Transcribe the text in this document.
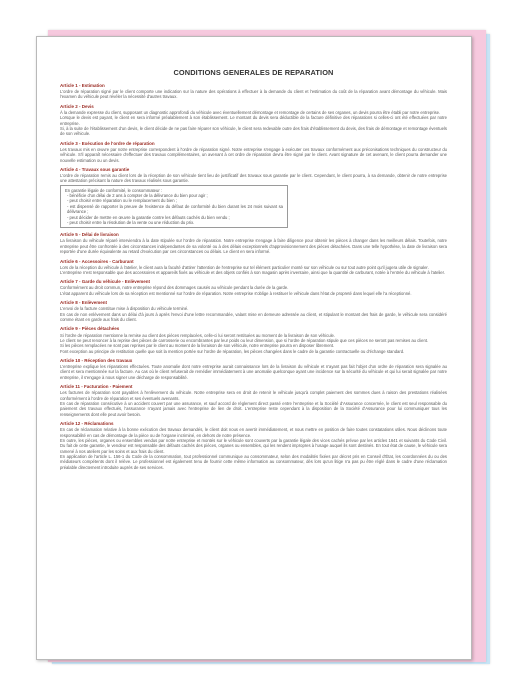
CONDITIONS GENERALES DE REPARATION
Article 1 - Estimation

L'ordre de réparation signé par le client comporte une indication sur la nature des opérations à effectuer à la demande du client et l'estimation du coût de la réparation avant démontage du véhicule. Mais l'examen du véhicule peut révéler la nécessité d'autres travaux.

Article 2 - Devis

À la demande expresse du client, supposant un diagnostic approfondi du véhicule avec éventuellement démontage et remontage de certains de ses organes, un devis pourra être établi par notre entreprise.

Lorsque le devis est payant, le client en sera informé préalablement à son établissement. Le montant du devis sera déductible de la facture définitive des réparations si celles-ci ont été effectuées par notre entreprise.

Si, à la suite de l'établissement d'un devis, le client décide de ne pas faire réparer son véhicule, le client sera redevable outre des frais d'établissement du devis, des frais de démontage et remontage éventuels de son véhicule.

Article 3 - Exécution de l'ordre de réparation

Les travaux mis en œuvre par notre entreprise correspondent à l'ordre de réparation signé. Notre entreprise s'engage à exécuter ces travaux conformément aux préconisations techniques du constructeur du véhicule. S'il apparaît nécessaire d'effectuer des travaux complémentaires, un avenant à cet ordre de réparation devra être signé par le client. Avant signature de cet avenant, le client pourra demander une nouvelle estimation ou un devis.

Article 4 - Travaux sous garantie

L'ordre de réparation remis au client lors de la réception de son véhicule tient lieu de justificatif des travaux sous garantie par le client. Cependant, le client pourra, à sa demande, obtenir de notre entreprise une attestation précisant la nature des travaux réalisés sous garantie.

En garantie légale de conformité, le consommateur :

- bénéficie d'un délai de 2 ans à compter de la délivrance du bien pour agir ;

- peut choisir entre réparation ou le remplacement du bien ;

- est dispensé de rapporter la preuve de l'existence du défaut de conformité du bien durant les 24 mois suivant sa délivrance ;

- peut décider de mettre en œuvre la garantie contre les défauts cachés du bien vendu ;

- peut choisir entre la résolution de la vente ou une réduction du prix.

Article 5 - Délai de livraison

La livraison du véhicule réparé interviendra à la date stipulée sur l'ordre de réparation. Notre entreprise s'engage à faire diligence pour obtenir les pièces à changer dans les meilleurs délais. Toutefois, notre entreprise peut être confrontée à des circonstances indépendantes de sa volonté ou à des délais exceptionnels d'approvisionnement des pièces détachées. Dans une telle hypothèse, la date de livraison sera reportée d'une durée équivalente au retard d'exécution par ces circonstances ou délais. Le client en sera informé.

Article 6 - Accessoires - Carburant

Lors de la réception du véhicule à l'atelier, le client aura la faculté d'attirer l'attention de l'entreprise sur tel élément particulier monté sur son véhicule ou sur tout autre point qu'il jugera utile de signaler.

L'entreprise n'est responsable que des accessoires et appareils fixés au véhicule et des objets confiés à son magasin après inventaire, ainsi que la quantité de carburant, notée à l'entrée du véhicule à l'atelier.

Article 7 - Garde du véhicule - Enlèvement

Conformément au droit commun, notre entreprise répond des dommages causés au véhicule pendant la durée de la garde.

L'état apparent du véhicule lors de sa réception est mentionné sur l'ordre de réparation. Notre entreprise s'oblige à restituer le véhicule dans l'état de propreté dans lequel elle l'a réceptionné.

Article 8 - Enlèvement

L'envoi de la facture constitue mise à disposition du véhicule terminé.

En cas de non enlèvement dans un délai d'à jours à après l'envoi d'une lettre recommandée, valant mise en demeure adressée au client, et stipulant le montant des frais de garde, le véhicule sera considéré comme étant en garde aux frais du client.

Article 9 - Pièces détachées

Si l'ordre de réparation mentionne la remise au client des pièces remplacées, celle-ci lui seront restituées au moment de la livraison de son véhicule.

Le client ne peut renoncer à la reprise des pièces de carrosserie ou encombrantes par leur poids ou leur dimension, que si l'ordre de réparation stipule que ces pièces ne seront pas remises au client.

Si les pièces remplacées ne sont pas reprises par le client au moment de la livraison de son véhicule, notre entreprise pourra en disposer librement.

Font exception au principe de restitution quelle que soit la mention portée sur l'ordre de réparation, les pièces changées dans le cadre de la garantie contractuelle ou d'échange standard.

Article 10 - Réception des travaux

L'entreprise explique les réparations effectuées. Toute anomalie dont notre entreprise aurait connaissance lors de la livraison du véhicule et n'ayant pas fait l'objet d'un ordre de réparation sera signalée au client et sera mentionnée sur la facture. Au cas où le client refuserait de remédier immédiatement à une anomalie quelconque ayant une incidence sur la sécurité du véhicule et qui lui serait signalée par notre entreprise, il s'engage à nous signer une décharge de responsabilité.

Article 11 - Facturation - Paiement

Les factures de réparation sont payables à l'enlèvement du véhicule. Notre entreprise sera en droit de retenir le véhicule jusqu'à complet paiement des sommes dues à raison des prestations réalisées conformément à l'ordre de réparation et ses éventuels avenants.

En cas de réparation consécutive à un accident couvert par une assurance, et sauf accord de règlement direct passé entre l'entreprise et la Société d'Assurance concernée, le client est seul responsable du paiement des travaux effectués, l'assurance n'ayant jamais avec l'entreprise de lien de droit. L'entreprise reste cependant à la disposition de la Société d'Assurance pour lui communiquer tous les renseignements dont elle peut avoir besoin.

Article 12 - Réclamations

En cas de réclamation relative à la bonne exécution des travaux demandés, le client doit nous en avertir immédiatement, et nous mettre en position de faire toutes constatations utiles. Nous déclinons toute responsabilité en cas de démontage de la pièce ou de l'organe incriminé, en dehors de notre présence.

En outre, les pièces, organes ou ensembles vendus par notre entreprise et montés sur le véhicule sont couverts par la garantie légale des vices cachés prévue par les articles 1641 et suivants du Code Civil. Du fait de cette garantie, le vendeur est responsable des défauts cachés des pièces, organes ou ensembles, qui les rendent impropres à l'usage auquel ils sont destinés. En tout état de cause, le véhicule sera ramené à nos ateliers par les soins et aux frais du client.

En application de l'article L. 156-1 du Code de la consommation, tout professionnel communique au consommateur, selon des modalités fixées par décret pris en Conseil d'État, les coordonnées du ou des médiateurs compétents dont il relève. Le professionnel est également tenu de fournir cette même information au consommateur, dès lors qu'un litige n'a pas pu être réglé dans le cadre d'une réclamation préalable directement introduite auprès de ses services.
